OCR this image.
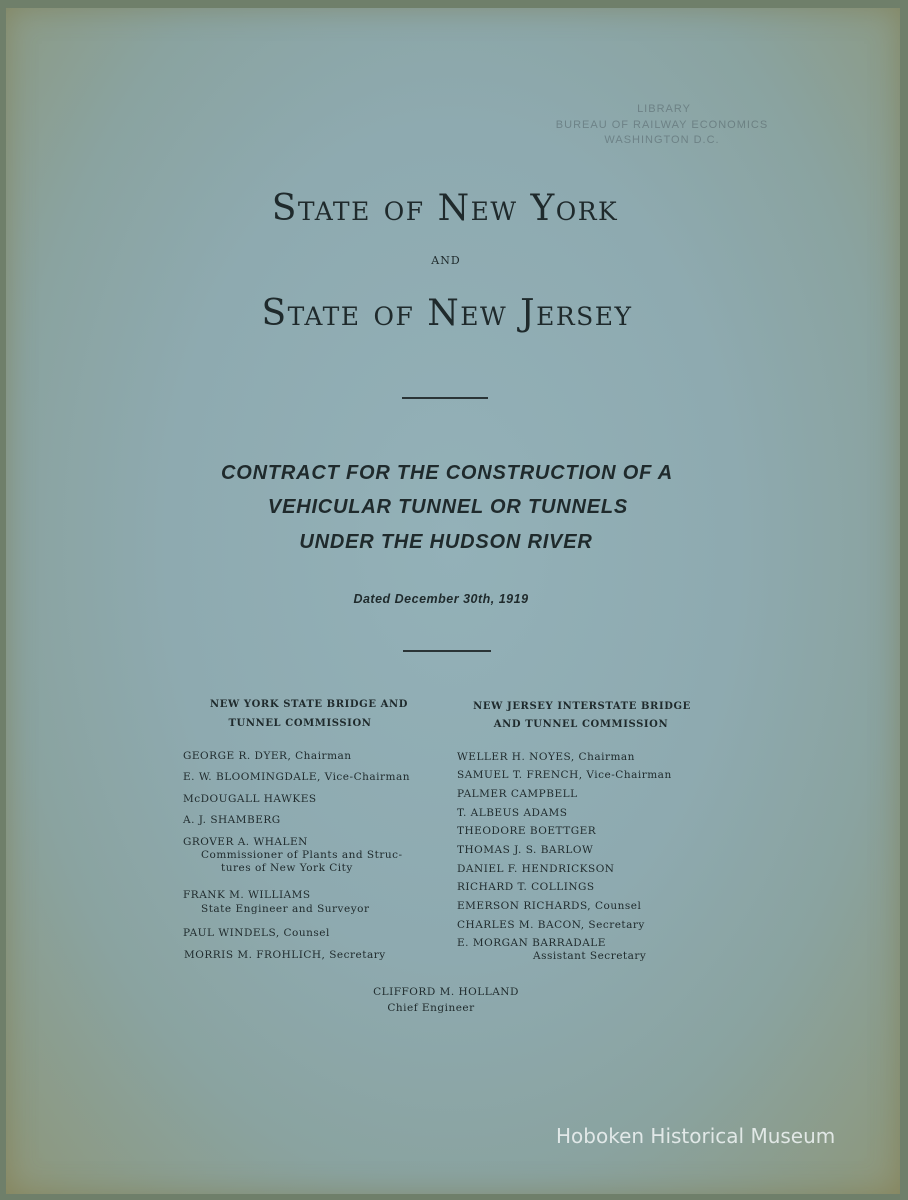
LIBRARY
BUREAU OF RAILWAY ECONOMICS
WASHINGTON D.C.
State of New York
and
State of New Jersey
CONTRACT FOR THE CONSTRUCTION OF A
VEHICULAR TUNNEL OR TUNNELS
UNDER THE HUDSON RIVER
Dated December 30th, 1919
NEW YORK STATE BRIDGE AND
TUNNEL COMMISSION
GEORGE R. DYER, Chairman
E. W. BLOOMINGDALE, Vice-Chairman
McDOUGALL HAWKES
A. J. SHAMBERG
GROVER A. WHALEN
Commissioner of Plants and Struc-
tures of New York City
FRANK M. WILLIAMS
State Engineer and Surveyor
PAUL WINDELS, Counsel
MORRIS M. FROHLICH, Secretary
NEW JERSEY INTERSTATE BRIDGE
AND TUNNEL COMMISSION
WELLER H. NOYES, Chairman
SAMUEL T. FRENCH, Vice-Chairman
PALMER CAMPBELL
T. ALBEUS ADAMS
THEODORE BOETTGER
THOMAS J. S. BARLOW
DANIEL F. HENDRICKSON
RICHARD T. COLLINGS
EMERSON RICHARDS, Counsel
CHARLES M. BACON, Secretary
E. MORGAN BARRADALE
Assistant Secretary
CLIFFORD M. HOLLAND
Chief Engineer
Hoboken Historical Museum
